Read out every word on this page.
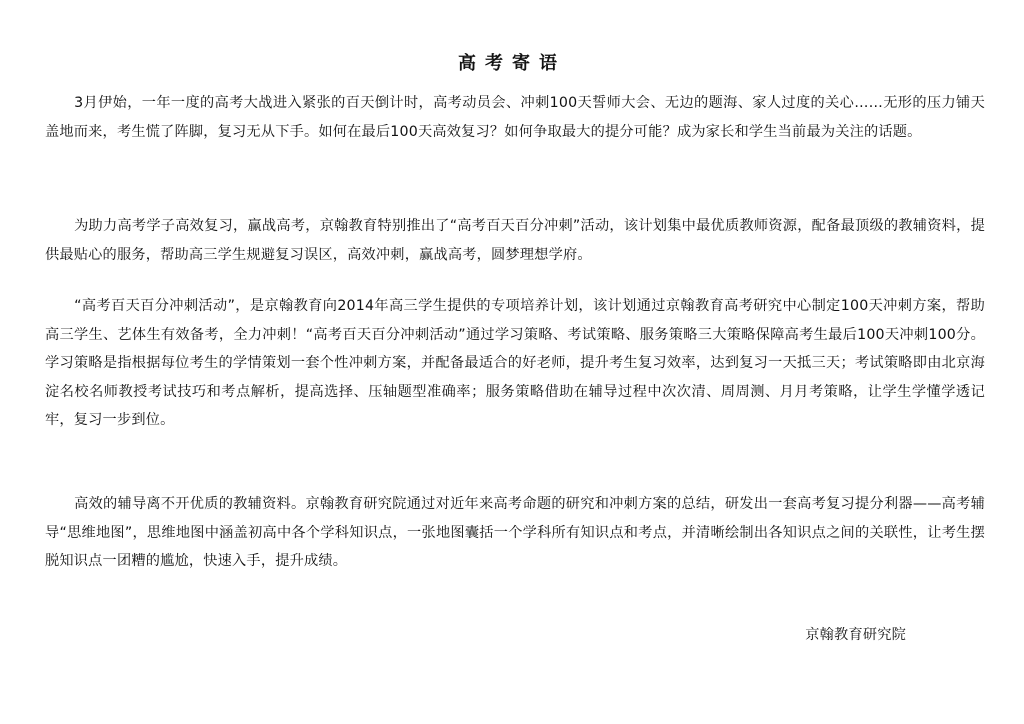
高考寄语

3月伊始，一年一度的高考大战进入紧张的百天倒计时，高考动员会、冲刺100天誓师大会、无边的题海、家人过度的关心……无形的压力铺天盖地而来，考生慌了阵脚，复习无从下手。如何在最后100天高效复习？如何争取最大的提分可能？成为家长和学生当前最为关注的话题。

为助力高考学子高效复习，赢战高考，京翰教育特别推出了“高考百天百分冲刺”活动，该计划集中最优质教师资源，配备最顶级的教辅资料，提供最贴心的服务，帮助高三学生规避复习误区，高效冲刺，赢战高考，圆梦理想学府。

“高考百天百分冲刺活动”，是京翰教育向2014年高三学生提供的专项培养计划，该计划通过京翰教育高考研究中心制定100天冲刺方案，帮助高三学生、艺体生有效备考，全力冲刺！“高考百天百分冲刺活动”通过学习策略、考试策略、服务策略三大策略保障高考生最后100天冲刺100分。学习策略是指根据每位考生的学情策划一套个性冲刺方案，并配备最适合的好老师，提升考生复习效率，达到复习一天抵三天；考试策略即由北京海淀名校名师教授考试技巧和考点解析，提高选择、压轴题型准确率；服务策略借助在辅导过程中次次清、周周测、月月考策略，让学生学懂学透记牢，复习一步到位。

高效的辅导离不开优质的教辅资料。京翰教育研究院通过对近年来高考命题的研究和冲刺方案的总结，研发出一套高考复习提分利器——高考辅导“思维地图”，思维地图中涵盖初高中各个学科知识点，一张地图囊括一个学科所有知识点和考点，并清晰绘制出各知识点之间的关联性，让考生摆脱知识点一团糟的尴尬，快速入手，提升成绩。

京翰教育研究院
